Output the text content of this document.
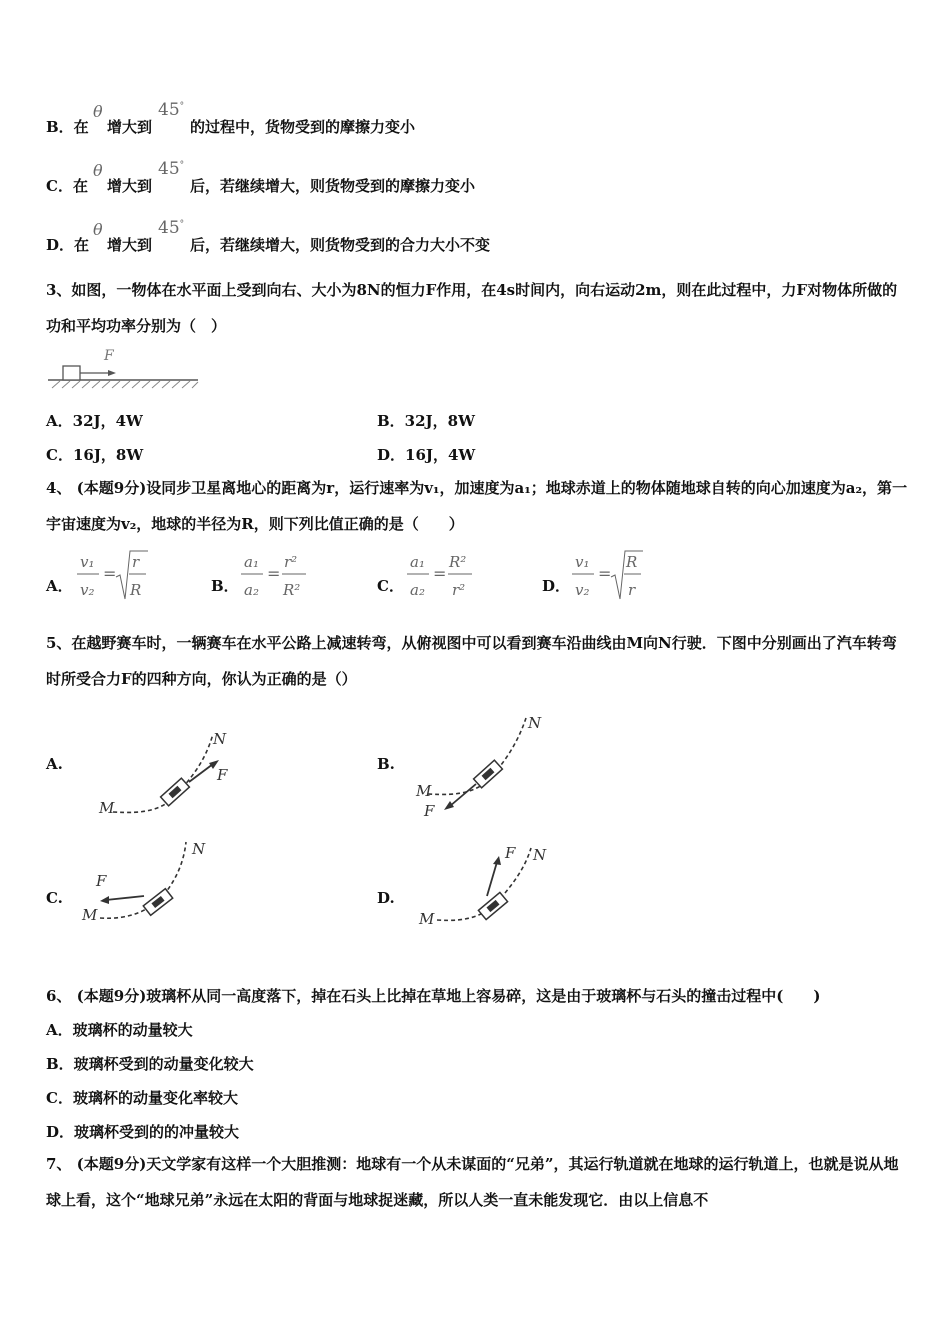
B．在
θ
增大到
45°
的过程中，货物受到的摩擦力变小
C．在
θ
增大到
45°
后，若继续增大，则货物受到的摩擦力变小
D．在
θ
增大到
45°
后，若继续增大，则货物受到的合力大小不变
3、如图，一物体在水平面上受到向右、大小为8N的恒力F作用，在4s时间内，向右运动2m，则在此过程中，力F对物体所做的功和平均功率分别为（　）
F
A．32J，4W	B．32J，8W
C．16J，8W	D．16J，4W
4、 (本题9分)设同步卫星离地心的距离为r，运行速率为v₁，加速度为a₁；地球赤道上的物体随地球自转的向心加速度为a₂，第一宇宙速度为v₂，地球的半径为R，则下列比值正确的是（　　）
A．
v₁
v₂
=
r
R	B．
a₁
a₂
=
r²
R²	C．
a₁
a₂
=
R²
r²	D．
v₁
v₂
=
R
r
5、在越野赛车时，一辆赛车在水平公路上减速转弯，从俯视图中可以看到赛车沿曲线由M向N行驶．下图中分别画出了汽车转弯时所受合力F的四种方向，你认为正确的是（）
A.
M
N
F
B.
M
N
F
C.
M
N
F
D.
M
N
F
6、 (本题9分)玻璃杯从同一高度落下，掉在石头上比掉在草地上容易碎，这是由于玻璃杯与石头的撞击过程中(　　)
A．玻璃杯的动量较大
B．玻璃杯受到的动量变化较大
C．玻璃杯的动量变化率较大
D．玻璃杯受到的的冲量较大
7、 (本题9分)天文学家有这样一个大胆推测：地球有一个从未谋面的“兄弟”，其运行轨道就在地球的运行轨道上，也就是说从地球上看，这个“地球兄弟”永远在太阳的背面与地球捉迷藏，所以人类一直未能发现它．由以上信息不
